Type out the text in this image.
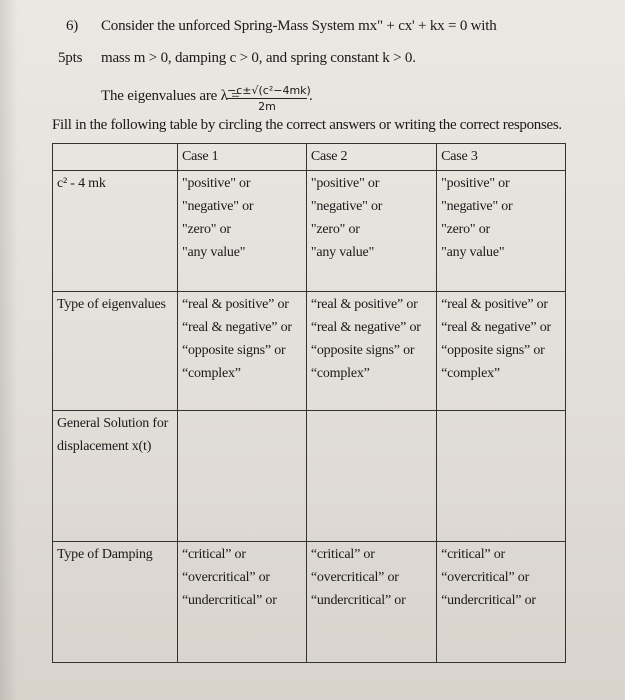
6) Consider the unforced Spring-Mass System mx" + cx' + kx = 0 with
5pts mass m > 0, damping c > 0, and spring constant k > 0.
The eigenvalues are λ =
$\frac{\text{−c±√(c²−4mk)}}{2m}$ .
Fill in the following table by circling the correct answers or writing the correct responses.
	Case 1	Case 2	Case 3
c² - 4 mk	"positive" or
"negative" or
"zero" or
"any value"	"positive" or
"negative" or
"zero" or
"any value"	"positive" or
"negative" or
"zero" or
"any value"

Type of eigenvalues	“real & positive” or
“real & negative” or
“opposite signs” or
“complex”	“real & positive” or
“real & negative” or
“opposite signs” or
“complex”	“real & positive” or
“real & negative” or
“opposite signs” or
“complex”

General Solution for
displacement x(t)			

Type of Damping	“critical” or
“overcritical” or
“undercritical” or	“critical” or
“overcritical” or
“undercritical” or	“critical” or
“overcritical” or
“undercritical” or
